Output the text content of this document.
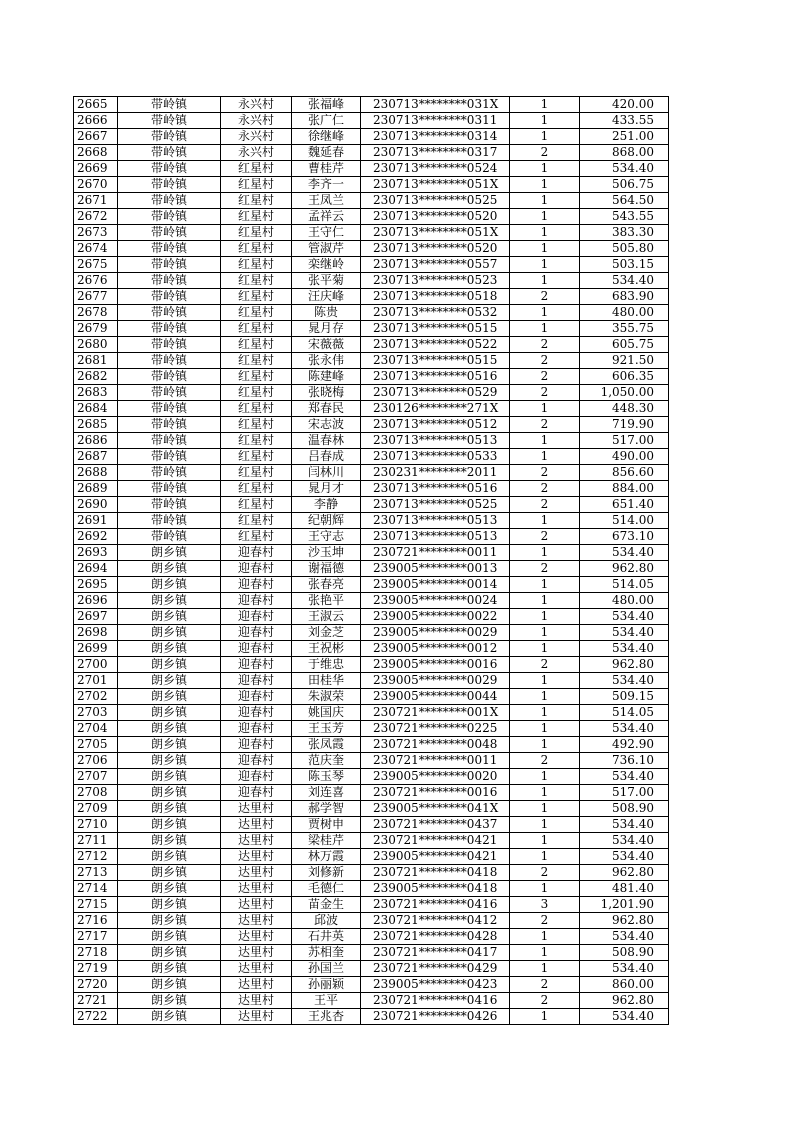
2665	带岭镇	永兴村	张福峰	230713********031X	1	420.00
2666	带岭镇	永兴村	张广仁	230713********0311	1	433.55
2667	带岭镇	永兴村	徐继峰	230713********0314	1	251.00
2668	带岭镇	永兴村	魏延春	230713********0317	2	868.00
2669	带岭镇	红星村	曹桂芹	230713********0524	1	534.40
2670	带岭镇	红星村	李齐一	230713********051X	1	506.75
2671	带岭镇	红星村	王凤兰	230713********0525	1	564.50
2672	带岭镇	红星村	孟祥云	230713********0520	1	543.55
2673	带岭镇	红星村	王守仁	230713********051X	1	383.30
2674	带岭镇	红星村	管淑芹	230713********0520	1	505.80
2675	带岭镇	红星村	栾继岭	230713********0557	1	503.15
2676	带岭镇	红星村	张平菊	230713********0523	1	534.40
2677	带岭镇	红星村	汪庆峰	230713********0518	2	683.90
2678	带岭镇	红星村	陈贵	230713********0532	1	480.00
2679	带岭镇	红星村	晁月存	230713********0515	1	355.75
2680	带岭镇	红星村	宋薇薇	230713********0522	2	605.75
2681	带岭镇	红星村	张永伟	230713********0515	2	921.50
2682	带岭镇	红星村	陈建峰	230713********0516	2	606.35
2683	带岭镇	红星村	张晓梅	230713********0529	2	1,050.00
2684	带岭镇	红星村	郑春民	230126********271X	1	448.30
2685	带岭镇	红星村	宋志波	230713********0512	2	719.90
2686	带岭镇	红星村	温春林	230713********0513	1	517.00
2687	带岭镇	红星村	吕春成	230713********0533	1	490.00
2688	带岭镇	红星村	闫林川	230231********2011	2	856.60
2689	带岭镇	红星村	晁月才	230713********0516	2	884.00
2690	带岭镇	红星村	李静	230713********0525	2	651.40
2691	带岭镇	红星村	纪朝辉	230713********0513	1	514.00
2692	带岭镇	红星村	王守志	230713********0513	2	673.10
2693	朗乡镇	迎春村	沙玉坤	230721********0011	1	534.40
2694	朗乡镇	迎春村	谢福德	239005********0013	2	962.80
2695	朗乡镇	迎春村	张春亮	239005********0014	1	514.05
2696	朗乡镇	迎春村	张艳平	239005********0024	1	480.00
2697	朗乡镇	迎春村	王淑云	239005********0022	1	534.40
2698	朗乡镇	迎春村	刘金芝	239005********0029	1	534.40
2699	朗乡镇	迎春村	王祝彬	239005********0012	1	534.40
2700	朗乡镇	迎春村	于维忠	239005********0016	2	962.80
2701	朗乡镇	迎春村	田桂华	239005********0029	1	534.40
2702	朗乡镇	迎春村	朱淑荣	239005********0044	1	509.15
2703	朗乡镇	迎春村	姚国庆	230721********001X	1	514.05
2704	朗乡镇	迎春村	王玉芳	230721********0225	1	534.40
2705	朗乡镇	迎春村	张凤霞	230721********0048	1	492.90
2706	朗乡镇	迎春村	范庆奎	230721********0011	2	736.10
2707	朗乡镇	迎春村	陈玉琴	239005********0020	1	534.40
2708	朗乡镇	迎春村	刘连喜	230721********0016	1	517.00
2709	朗乡镇	达里村	郝学智	239005********041X	1	508.90
2710	朗乡镇	达里村	贾树申	230721********0437	1	534.40
2711	朗乡镇	达里村	梁桂芹	230721********0421	1	534.40
2712	朗乡镇	达里村	林万霞	239005********0421	1	534.40
2713	朗乡镇	达里村	刘修新	230721********0418	2	962.80
2714	朗乡镇	达里村	毛德仁	239005********0418	1	481.40
2715	朗乡镇	达里村	苗金生	230721********0416	3	1,201.90
2716	朗乡镇	达里村	邱波	230721********0412	2	962.80
2717	朗乡镇	达里村	石井英	230721********0428	1	534.40
2718	朗乡镇	达里村	苏相奎	230721********0417	1	508.90
2719	朗乡镇	达里村	孙国兰	230721********0429	1	534.40
2720	朗乡镇	达里村	孙丽颖	239005********0423	2	860.00
2721	朗乡镇	达里村	王平	230721********0416	2	962.80
2722	朗乡镇	达里村	王兆杏	230721********0426	1	534.40
